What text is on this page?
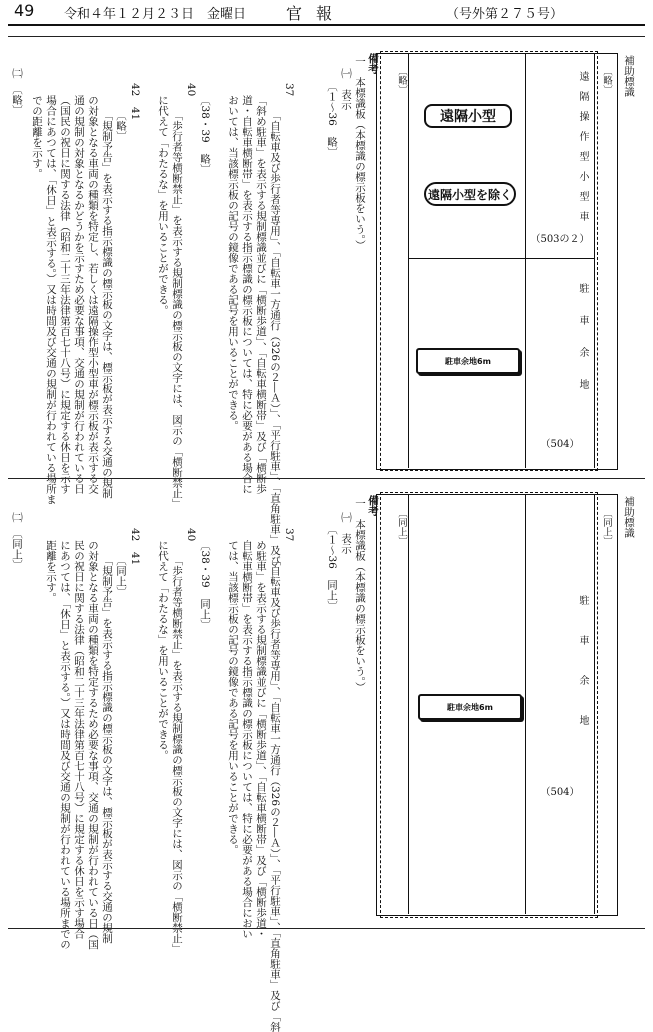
49 令和４年１２月２３日　金曜日 官報	（号外第２７５号）
補助標識
〔略〕	〔略〕
遠隔操作型小型車
（503の２）
駐車余地
（504）
遠隔小型
遠隔小型を除く
駐車余地6m
備考
一　本標識板（本標識の標示板をいう。）
㈠　表示
〔１～36　略〕
37
「自転車及び歩行者等専用」、「自転車一方通行（326の２―Ａ）」、「平行駐車」、「直角駐車」及び
「斜め駐車」を表示する規制標識並びに「横断歩道」、「自転車横断帯」及び「横断歩
道・自転車横断帯」を表示する指示標識の標示板については、特に必要がある場合に
おいては、当該標示板の記号の鏡像である記号を用いることができる。
〔38・39　略〕
40
「歩行者等横断禁止」を表示する規制標識の標示板の文字には、図示の「横断禁止」
に代えて「わたるな」を用いることができる。
42　41
〔略〕
「規制予告」を表示する指示標識の標示板の文字は、標示板が表示する交通の規制
の対象となる車両の種類を特定し、若しくは遠隔操作型小型車が標示板が表示する交
通の規制の対象となるかどうかを示すため必要な事項、交通の規制が行われている日
（国民の祝日に関する法律（昭和二十三年法律第百七十八号）に規定する休日を示す
場合にあつては、「休日」と表示する。）又は時間及び交通の規制が行われている場所ま
での距離を示す。
㈡　〔略〕
補助標識
〔同上〕	〔同上〕
駐車余地
（504）
駐車余地6m
備考
一　本標識板（本標識の標示板をいう。）
㈠　表示
〔１～36　同上〕
37
「自転車及び歩行者等専用」、「自転車一方通行（326の２―Ａ）」、「平行駐車」、「直角駐車」及び「斜
め駐車」を表示する規制標識並びに「横断歩道」、「自転車横断帯」及び「横断歩道・
自転車横断帯」を表示する指示標識の標示板については、特に必要がある場合におい
ては、当該標示板の記号の鏡像である記号を用いることができる。
〔38・39　同上〕
40
「歩行者等横断禁止」を表示する規制標識の標示板の文字には、図示の「横断禁止」
に代えて「わたるな」を用いることができる。
42　41
〔同上〕
「規制予告」を表示する指示標識の標示板の文字は、標示板が表示する交通の規制
の対象となる車両の種類を特定するため必要な事項、交通の規制が行われている日（国
民の祝日に関する法律（昭和二十三年法律第百七十八号）に規定する休日を示す場合
にあつては、「休日」と表示する。）又は時間及び交通の規制が行われている場所までの
距離を示す。
㈡　〔同上〕
